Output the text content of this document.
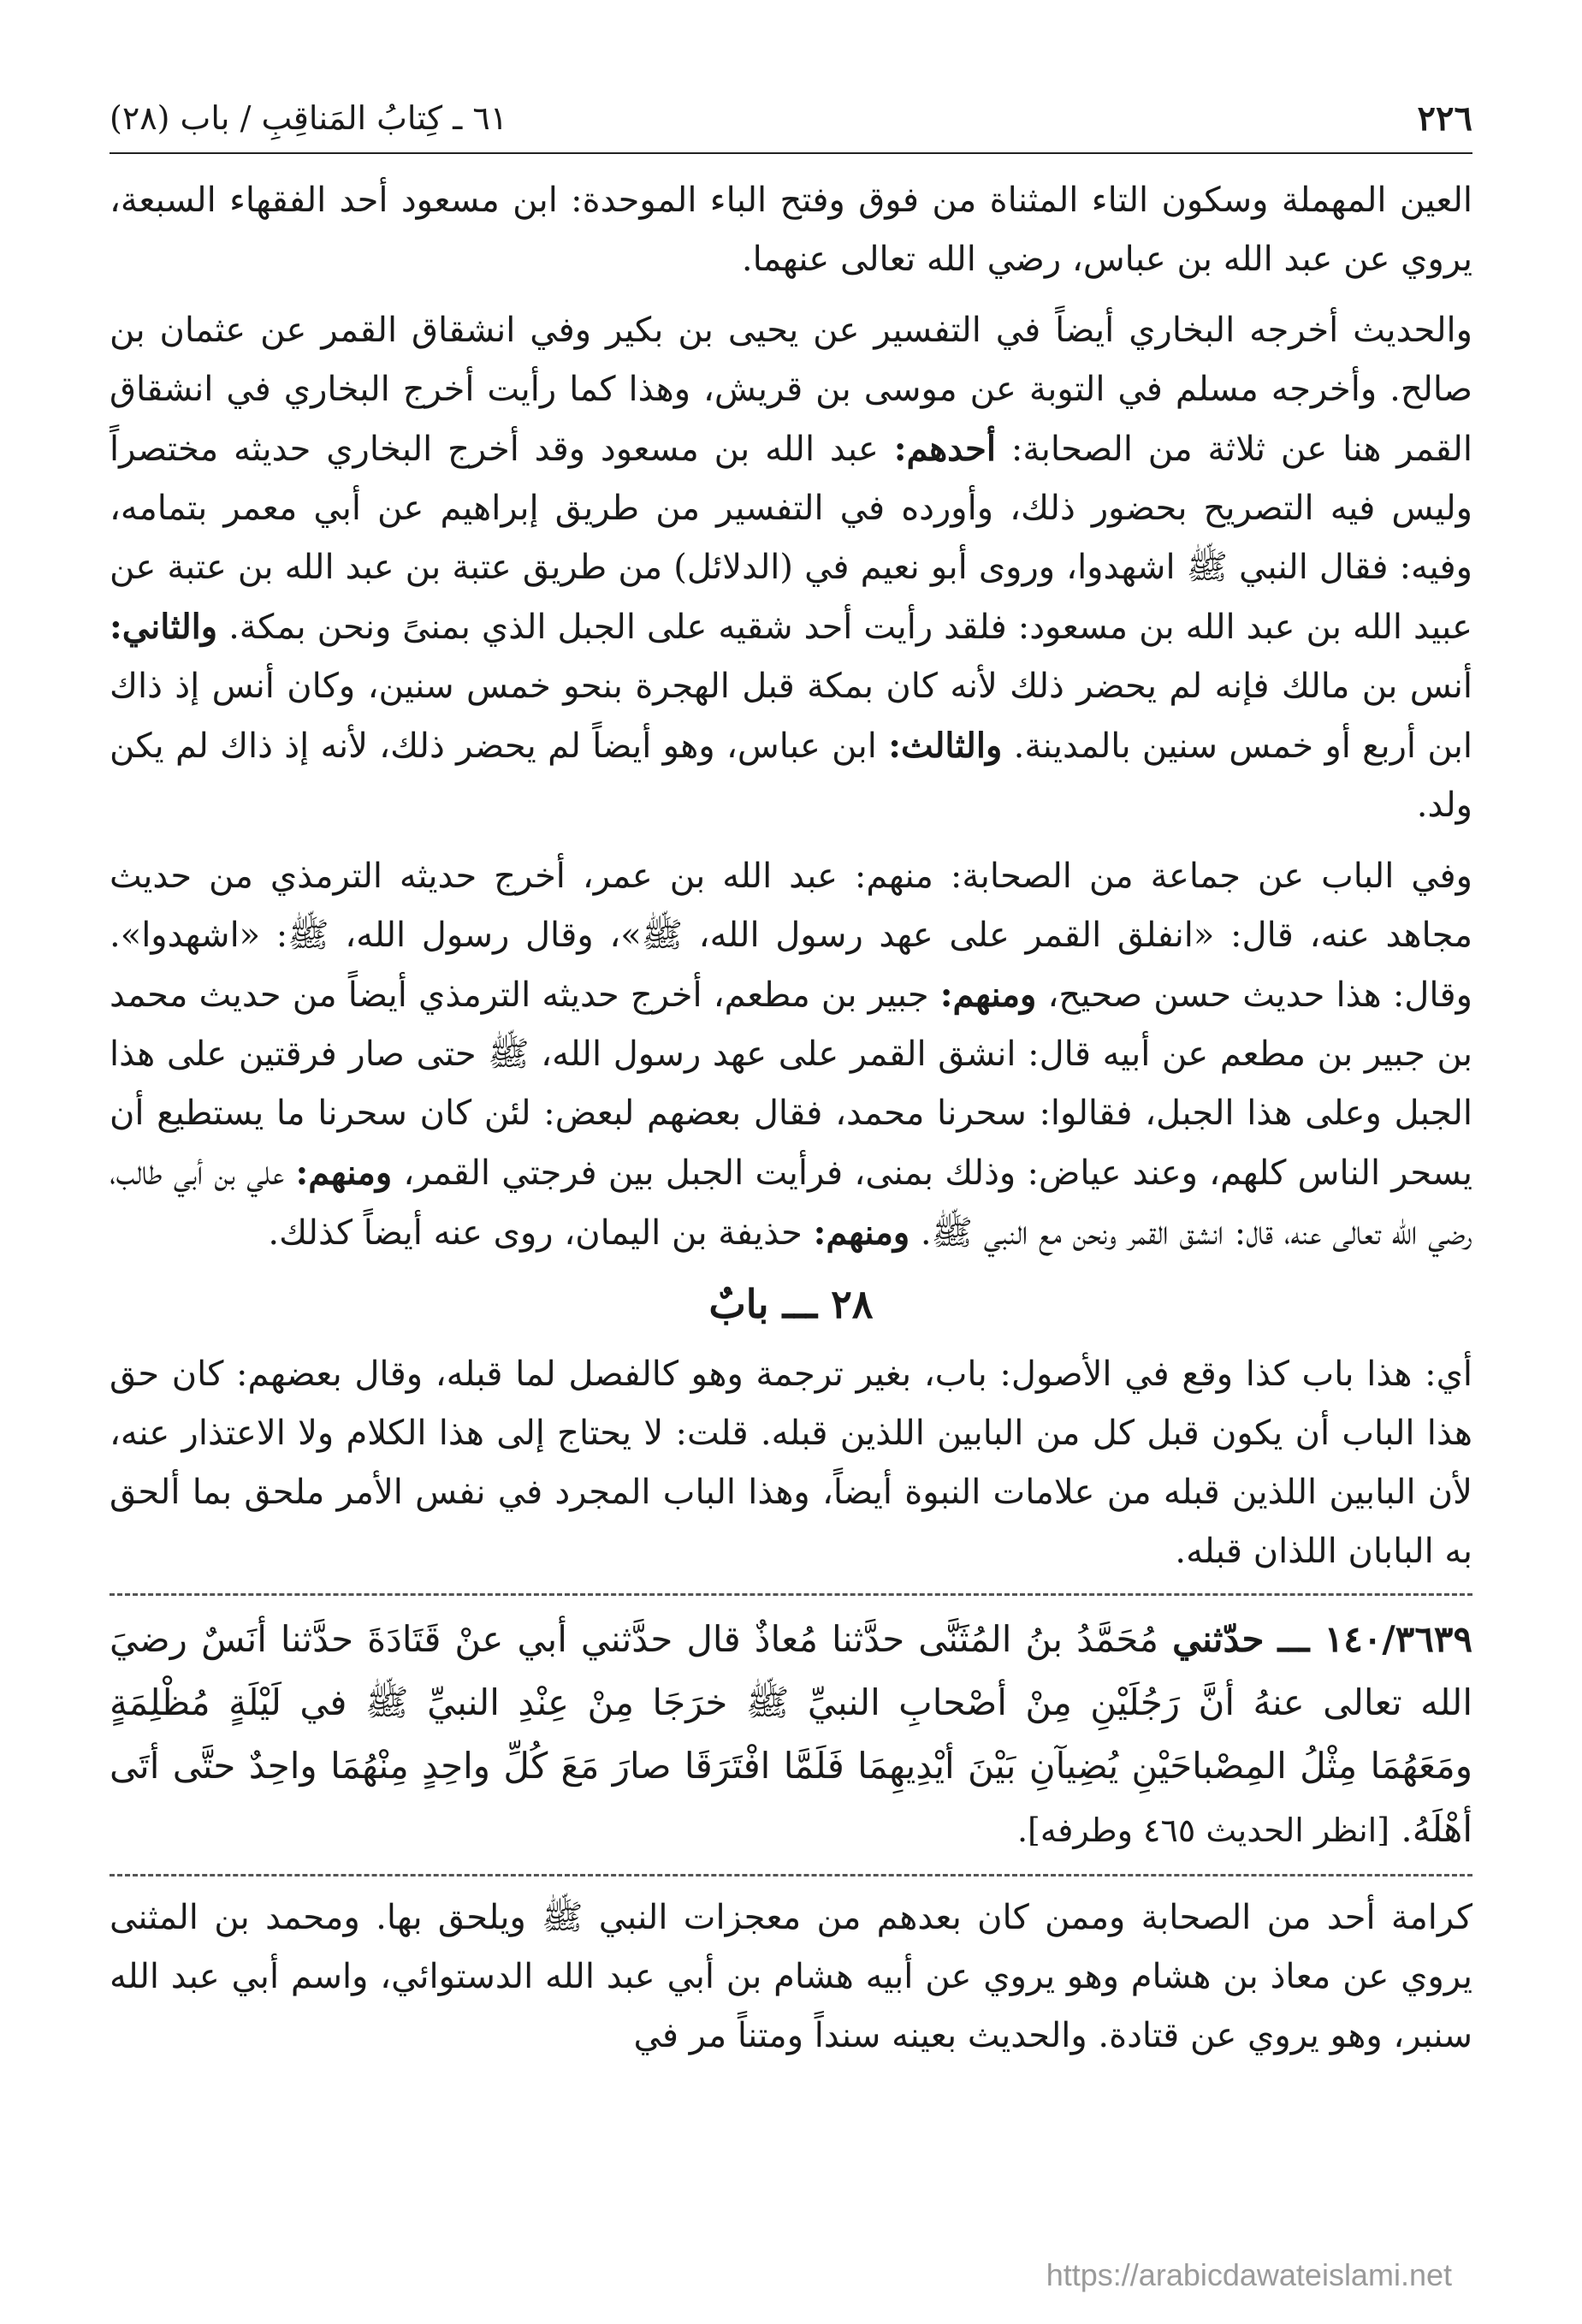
٦١ ـ كِتابُ المَناقِبِ / باب (٢٨)	٢٢٦

العين المهملة وسكون التاء المثناة من فوق وفتح الباء الموحدة: ابن مسعود أحد الفقهاء السبعة، يروي عن عبد الله بن عباس، رضي الله تعالى عنهما.

والحديث أخرجه البخاري أيضاً في التفسير عن يحيى بن بكير وفي انشقاق القمر عن عثمان بن صالح. وأخرجه مسلم في التوبة عن موسى بن قريش، وهذا كما رأيت أخرج البخاري في انشقاق القمر هنا عن ثلاثة من الصحابة: أحدهم: عبد الله بن مسعود وقد أخرج البخاري حديثه مختصراً وليس فيه التصريح بحضور ذلك، وأورده في التفسير من طريق إبراهيم عن أبي معمر بتمامه، وفيه: فقال النبي ﷺ اشهدوا، وروى أبو نعيم في (الدلائل) من طريق عتبة بن عبد الله بن عتبة عن عبيد الله بن عبد الله بن مسعود: فلقد رأيت أحد شقيه على الجبل الذي بمنىً ونحن بمكة. والثاني: أنس بن مالك فإنه لم يحضر ذلك لأنه كان بمكة قبل الهجرة بنحو خمس سنين، وكان أنس إذ ذاك ابن أربع أو خمس سنين بالمدينة. والثالث: ابن عباس، وهو أيضاً لم يحضر ذلك، لأنه إذ ذاك لم يكن ولد.

وفي الباب عن جماعة من الصحابة: منهم: عبد الله بن عمر، أخرج حديثه الترمذي من حديث مجاهد عنه، قال: «انفلق القمر على عهد رسول الله، ﷺ»، وقال رسول الله، ﷺ: «اشهدوا». وقال: هذا حديث حسن صحيح، ومنهم: جبير بن مطعم، أخرج حديثه الترمذي أيضاً من حديث محمد بن جبير بن مطعم عن أبيه قال: انشق القمر على عهد رسول الله، ﷺ حتى صار فرقتين على هذا الجبل وعلى هذا الجبل، فقالوا: سحرنا محمد، فقال بعضهم لبعض: لئن كان سحرنا ما يستطيع أن يسحر الناس كلهم، وعند عياض: وذلك بمنى، فرأيت الجبل بين فرجتي القمر، ومنهم: علي بن أبي طالب، رضي الله تعالى عنه، قال: انشق القمر ونحن مع النبي ﷺ. ومنهم: حذيفة بن اليمان، روى عنه أيضاً كذلك.

٢٨ ـــ بابٌ

أي: هذا باب كذا وقع في الأصول: باب، بغير ترجمة وهو كالفصل لما قبله، وقال بعضهم: كان حق هذا الباب أن يكون قبل كل من البابين اللذين قبله. قلت: لا يحتاج إلى هذا الكلام ولا الاعتذار عنه، لأن البابين اللذين قبله من علامات النبوة أيضاً، وهذا الباب المجرد في نفس الأمر ملحق بما ألحق به البابان اللذان قبله.

١٤٠/٣٦٣٩ ـــ حدّثني مُحَمَّدُ بنُ المُثَنَّى حدَّثنا مُعاذٌ قال حدَّثني أبي عنْ قَتَادَةَ حدَّثنا أنَسٌ رضيَ الله تعالى عنهُ أنَّ رَجُلَيْنِ مِنْ أصْحابِ النبيِّ ﷺ خرَجَا مِنْ عِنْدِ النبيِّ ﷺ في لَيْلَةٍ مُظْلِمَةٍ ومَعَهُمَا مِثْلُ المِصْباحَيْنِ يُضِيآنِ بَيْنَ أيْدِيهِمَا فَلَمَّا افْتَرَقَا صارَ مَعَ كُلِّ واحِدٍ مِنْهُمَا واحِدٌ حتَّى أتَى أهْلَهُ. [انظر الحديث ٤٦٥ وطرفه].

كرامة أحد من الصحابة وممن كان بعدهم من معجزات النبي ﷺ ويلحق بها. ومحمد بن المثنى يروي عن معاذ بن هشام وهو يروي عن أبيه هشام بن أبي عبد الله الدستوائي، واسم أبي عبد الله سنبر، وهو يروي عن قتادة. والحديث بعينه سنداً ومتناً مر في

https://arabicdawateislami.net
